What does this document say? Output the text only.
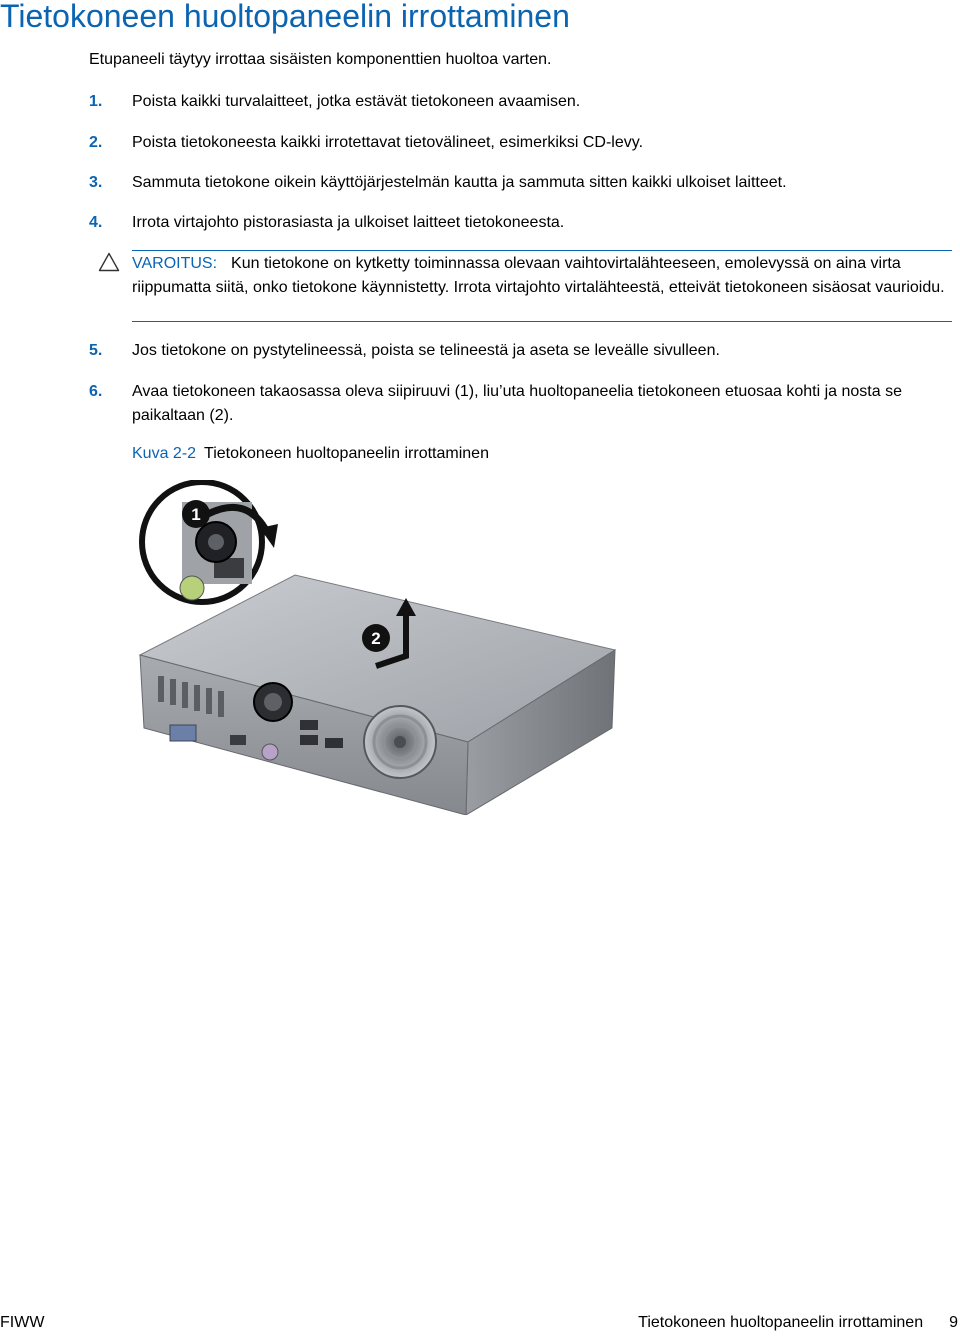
Tietokoneen huoltopaneelin irrottaminen
Etupaneeli täytyy irrottaa sisäisten komponenttien huoltoa varten.
1. Poista kaikki turvalaitteet, jotka estävät tietokoneen avaamisen.
2. Poista tietokoneesta kaikki irrotettavat tietovälineet, esimerkiksi CD-levy.
3. Sammuta tietokone oikein käyttöjärjestelmän kautta ja sammuta sitten kaikki ulkoiset laitteet.
4. Irrota virtajohto pistorasiasta ja ulkoiset laitteet tietokoneesta.
VAROITUS: Kun tietokone on kytketty toiminnassa olevaan vaihtovirtalähteeseen, emolevyssä on aina virta riippumatta siitä, onko tietokone käynnistetty. Irrota virtajohto virtalähteestä, etteivät tietokoneen sisäosat vaurioidu.
5. Jos tietokone on pystytelineessä, poista se telineestä ja aseta se leveälle sivulleen.
6. Avaa tietokoneen takaosassa oleva siipiruuvi (1), liu’uta huoltopaneelia tietokoneen etuosaa kohti ja nosta se paikaltaan (2).
Kuva 2-2 Tietokoneen huoltopaneelin irrottaminen
2
1
FIWW	Tietokoneen huoltopaneelin irrottaminen 9
